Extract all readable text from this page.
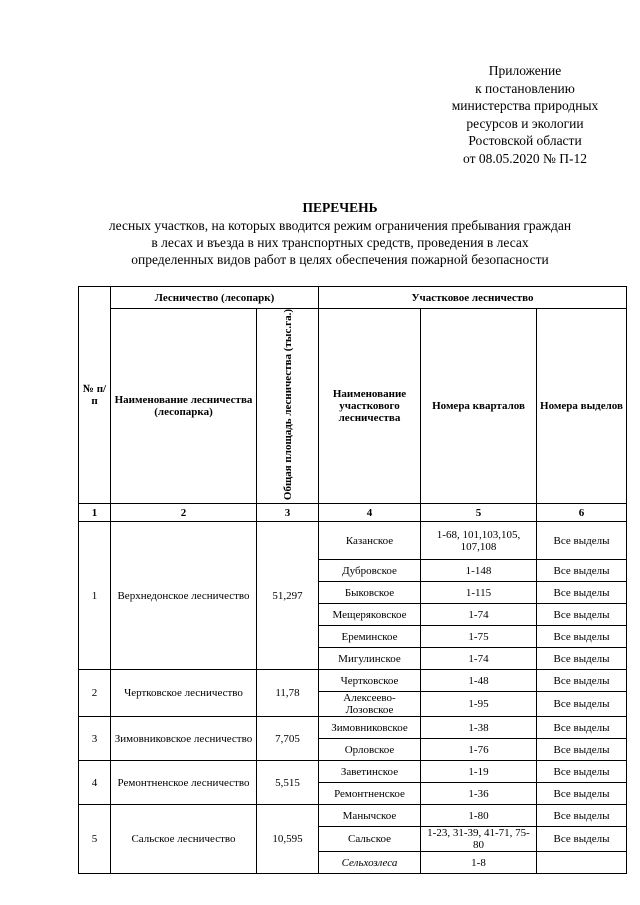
Приложение
к постановлению
министерства природных
ресурсов и экологии
Ростовской области
от 08.05.2020 № П-12
ПЕРЕЧЕНЬ
лесных участков, на которых вводится режим ограничения пребывания граждан
в лесах и въезда в них транспортных средств, проведения в лесах
определенных видов работ в целях обеспечения пожарной безопасности
№ п/п	Лесничество (лесопарк)		Участковое лесничество		
	Наименование лесничества (лесопарка)	Общая площадь лесничества (тыс.га.)	Наименование участкового лесничества	Номера кварталов	Номера выделов
1	2	3	4	5	6
1	Верхнедонское лесничество	51,297	Казанское	1-68, 101,103,105, 107,108	Все выделы
			Дубровское	1-148	Все выделы
			Быковское	1-115	Все выделы
			Мещеряковское	1-74	Все выделы
			Ереминское	1-75	Все выделы
			Мигулинское	1-74	Все выделы
2	Чертковское лесничество	11,78	Чертковское	1-48	Все выделы
			Алексеево-Лозовское	1-95	Все выделы
3	Зимовниковское лесничество	7,705	Зимовниковское	1-38	Все выделы
			Орловское	1-76	Все выделы
4	Ремонтненское лесничество	5,515	Заветинское	1-19	Все выделы
			Ремонтненское	1-36	Все выделы
5	Сальское лесничество	10,595	Манычское	1-80	Все выделы
			Сальское	1-23, 31-39, 41-71, 75-80	Все выделы
			Сельхозлеса	1-8	
